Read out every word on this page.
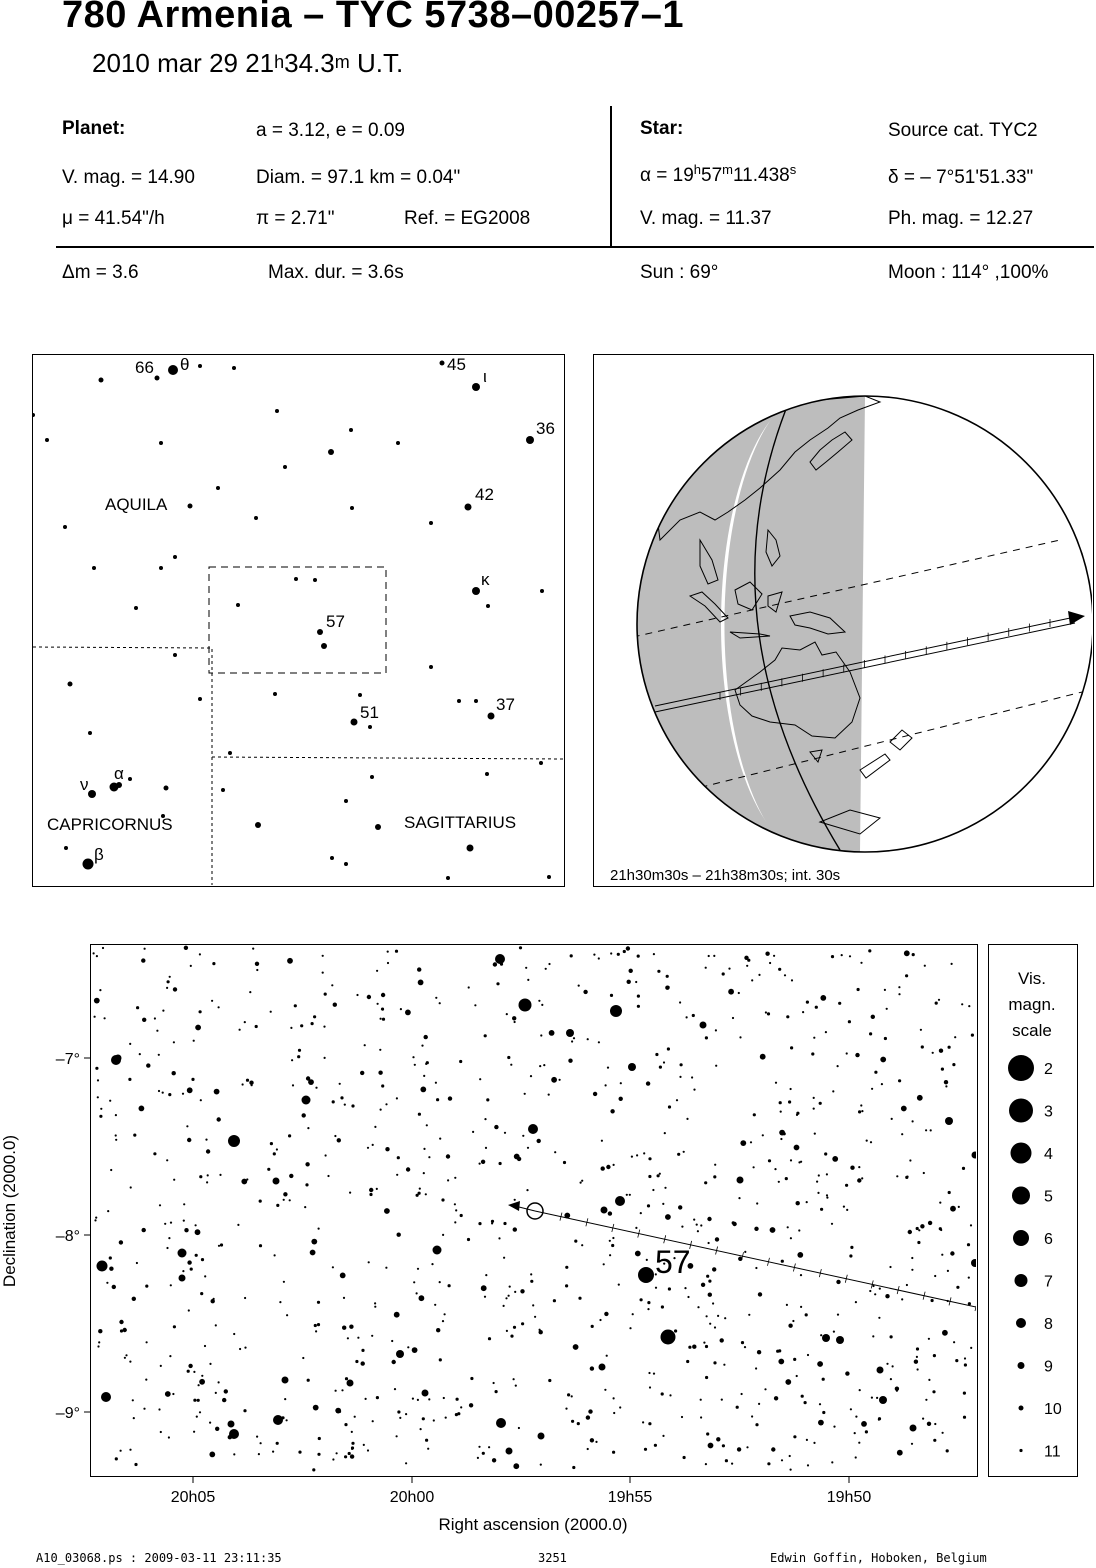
780 Armenia – TYC 5738–00257–1
2010 mar 29 21$^h$34.3$^m$ U.T.
Planet:	a = 3.12, e = 0.09
V. mag. = 14.90	Diam. = 97.1 km = 0.04"
μ = 41.54"/h	π = 2.71"	Ref. = EG2008
Star:	Source cat. TYC2
$\alpha = 19^h57^m11.438^s$	δ = – 7°51'51.33"
V. mag. = 11.37	Ph. mag. = 12.27
Δm = 3.6	Max. dur. = 3.6s	Sun : 69°	Moon : 114° ,100%
AQUILA
CAPRICORNUS	SAGITTARIUS
66 θ	45
ι
36
42
κ
57
51	37
ν
α
β
21h30m30s – 21h38m30s; int. 30s
57
20h05	20h00	19h55	19h50
–7°
–8°
–9°
Right ascension (2000.0)
Declination (2000.0)
Vis.
magn.
scale
2
3
4
5
6
7
8
9
10
11
A10_03068.ps : 2009-03-11 23:11:35	3251	Edwin Goffin, Hoboken, Belgium
